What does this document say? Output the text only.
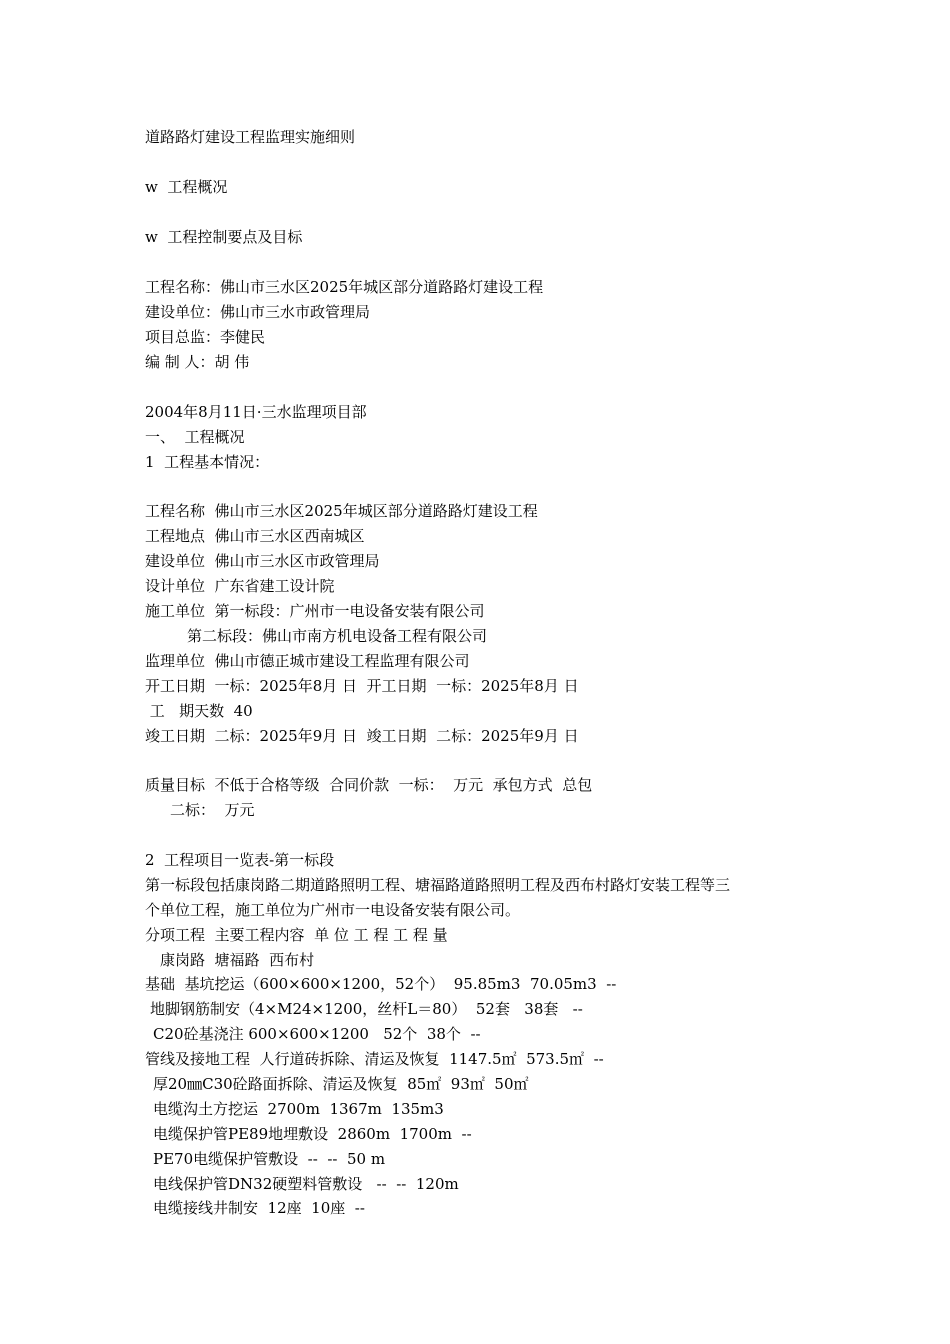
道路路灯建设工程监理实施细则
w  工程概况
w  工程控制要点及目标
工程名称：佛山市三水区2025年城区部分道路路灯建设工程
建设单位：佛山市三水市政管理局
项目总监：李健民
编 制 人：胡 伟
2004年8月11日·三水监理项目部
一、  工程概况
1  工程基本情况：
工程名称  佛山市三水区2025年城区部分道路路灯建设工程
工程地点  佛山市三水区西南城区
建设单位  佛山市三水区市政管理局
设计单位  广东省建工设计院
施工单位  第一标段：广州市一电设备安装有限公司
第二标段：佛山市南方机电设备工程有限公司
监理单位  佛山市德正城市建设工程监理有限公司
开工日期  一标：2025年8月 日  开工日期  一标：2025年8月 日
工   期天数  40
竣工日期  二标：2025年9月 日  竣工日期  二标：2025年9月 日
质量目标  不低于合格等级  合同价款  一标：  万元  承包方式  总包
二标：  万元
2  工程项目一览表-第一标段
第一标段包括康岗路二期道路照明工程、塘福路道路照明工程及西布村路灯安装工程等三
个单位工程，施工单位为广州市一电设备安装有限公司。
分项工程  主要工程内容  单 位 工 程 工 程 量
康岗路  塘福路  西布村
基础  基坑挖运（600×600×1200，52个）  95.85m3  70.05m3  --
地脚钢筋制安（4×M24×1200，丝杆L＝80）  52套   38套   --
C20砼基浇注 600×600×1200   52个  38个  --
管线及接地工程  人行道砖拆除、清运及恢复  1147.5㎡  573.5㎡  --
厚20㎜C30砼路面拆除、清运及恢复  85㎡  93㎡  50㎡
电缆沟土方挖运  2700m  1367m  135m3
电缆保护管PE89地埋敷设  2860m  1700m  --
PE70电缆保护管敷设  --  --  50 m
电线保护管DN32硬塑料管敷设   --  --  120m
电缆接线井制安  12座  10座  --
